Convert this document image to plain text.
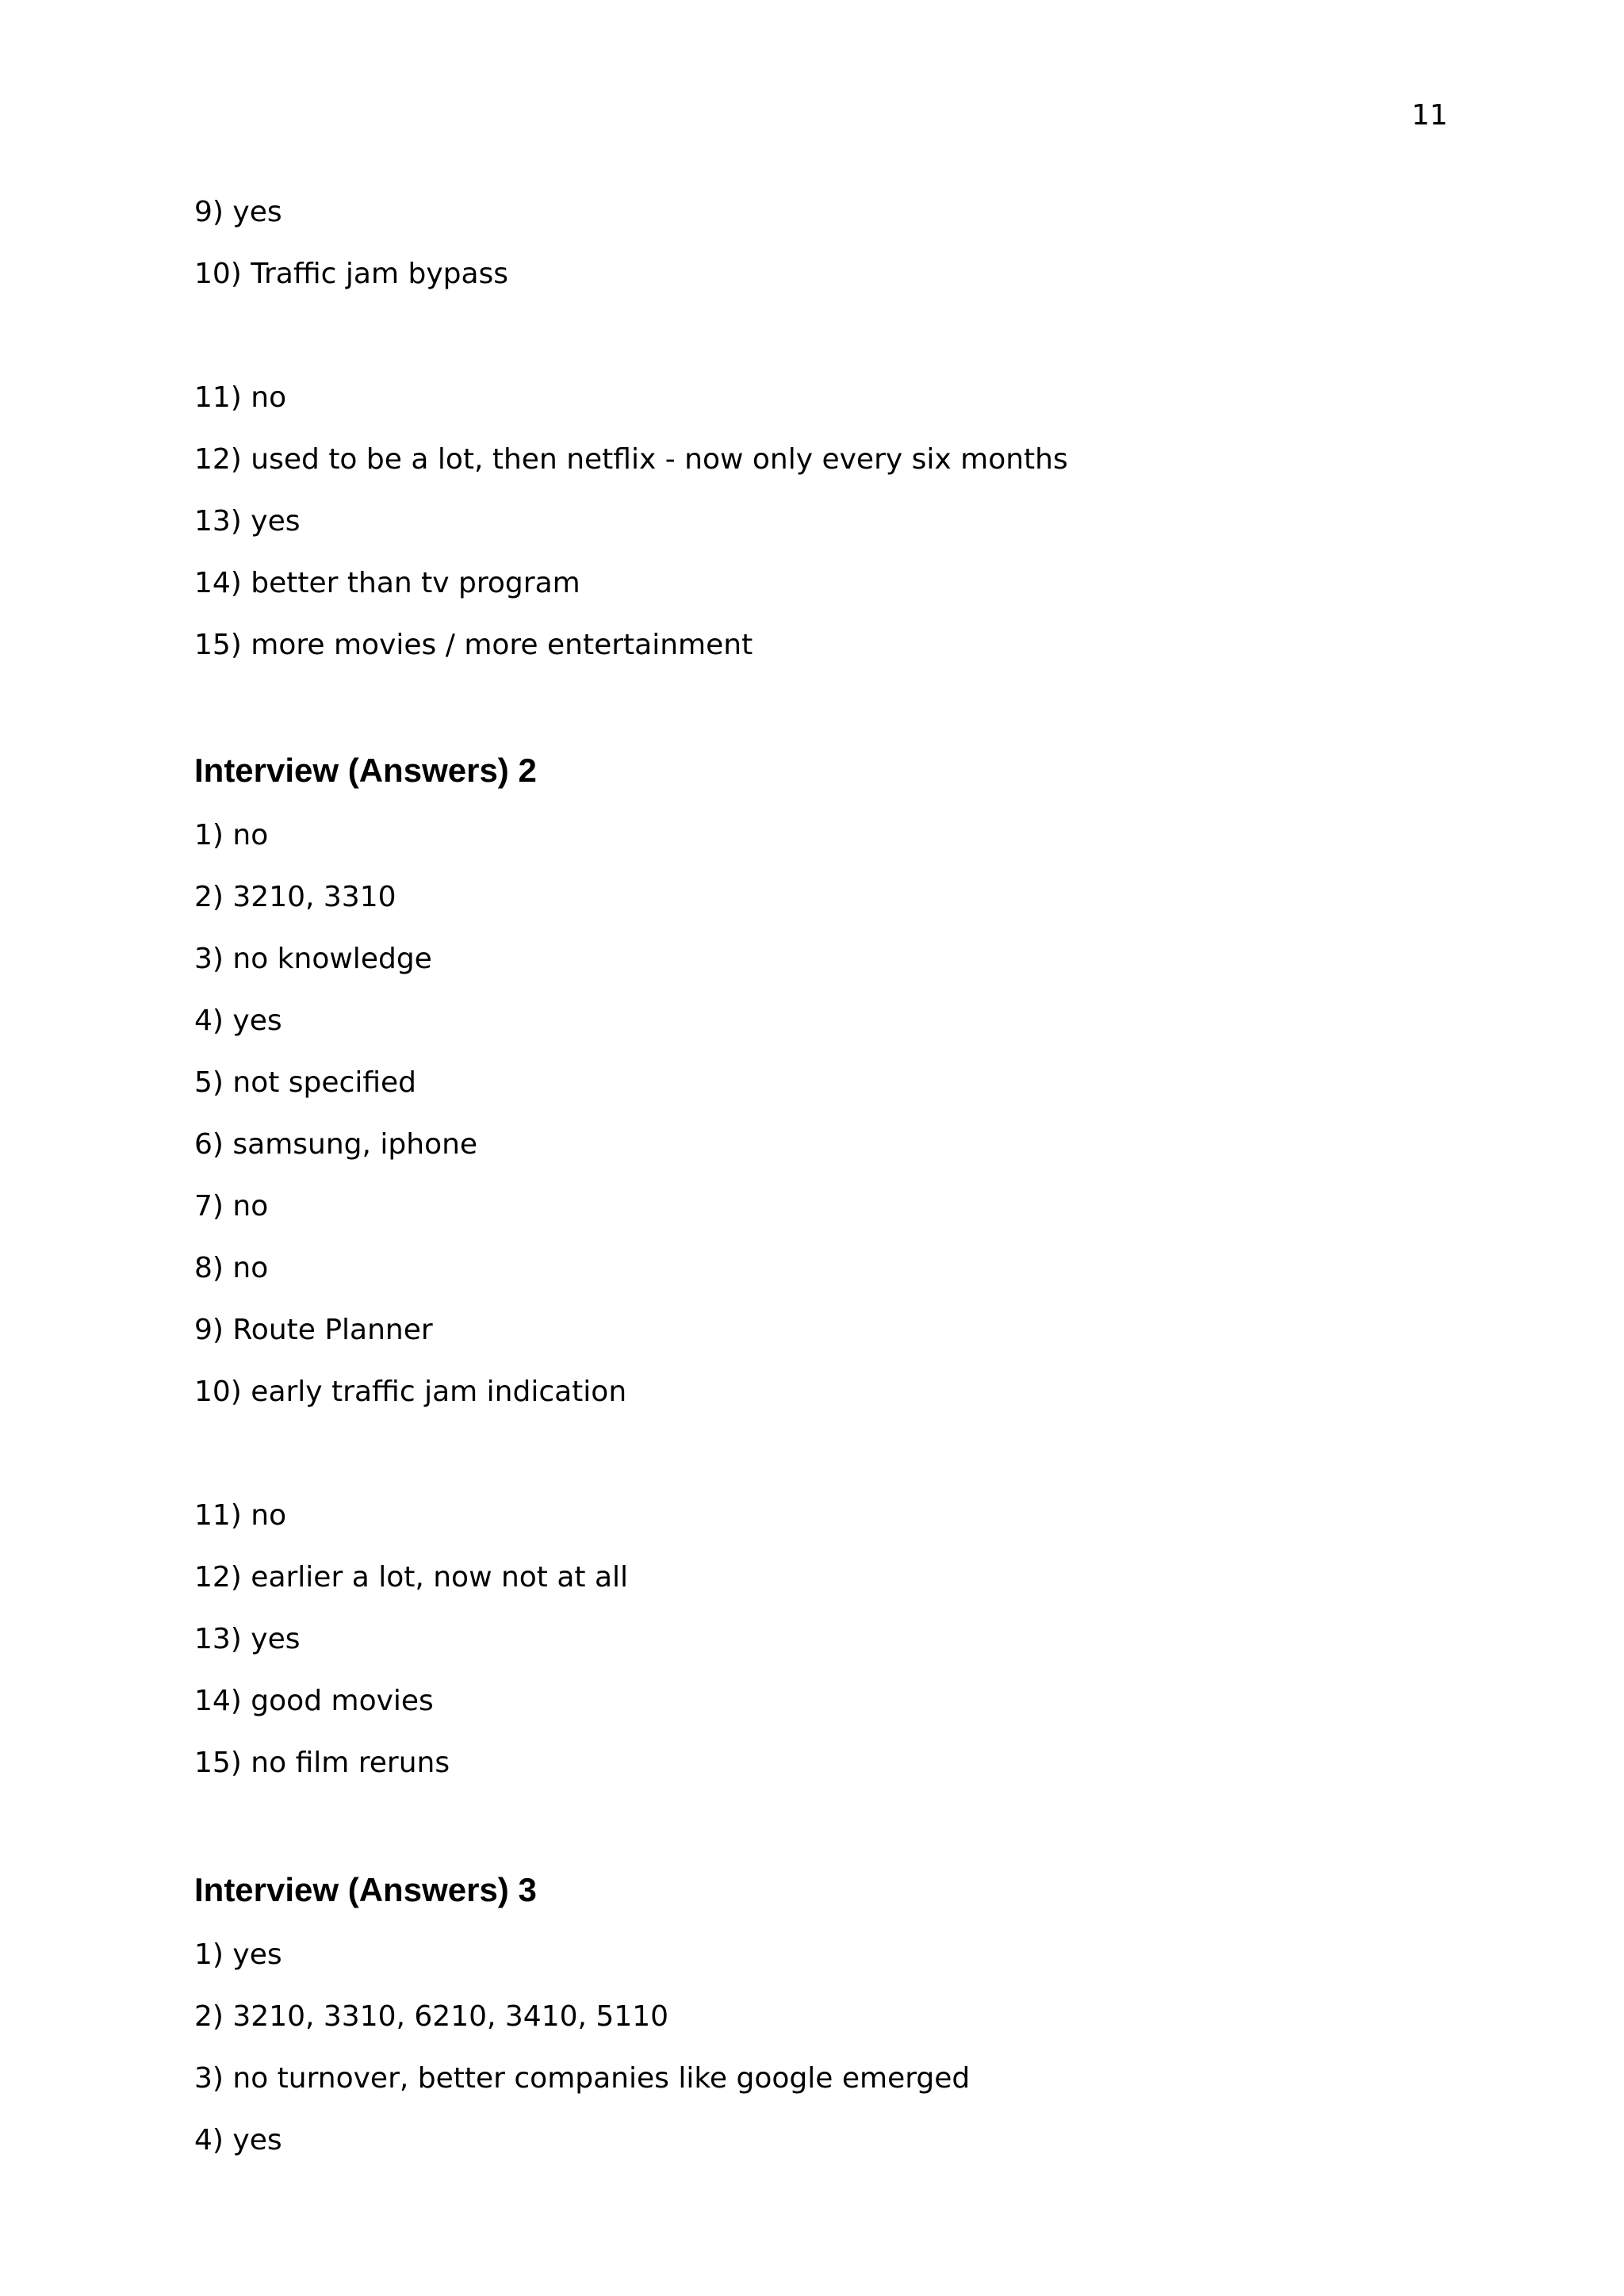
11
9) yes
10) Traffic jam bypass
11) no
12) used to be a lot, then netflix - now only every six months
13) yes
14) better than tv program
15) more movies / more entertainment
Interview (Answers) 2
1) no
2) 3210, 3310
3) no knowledge
4) yes
5) not specified
6) samsung, iphone
7) no
8) no
9) Route Planner
10) early traffic jam indication
11) no
12) earlier a lot, now not at all
13) yes
14) good movies
15) no film reruns
Interview (Answers) 3
1) yes
2) 3210, 3310, 6210, 3410, 5110
3) no turnover, better companies like google emerged
4) yes
